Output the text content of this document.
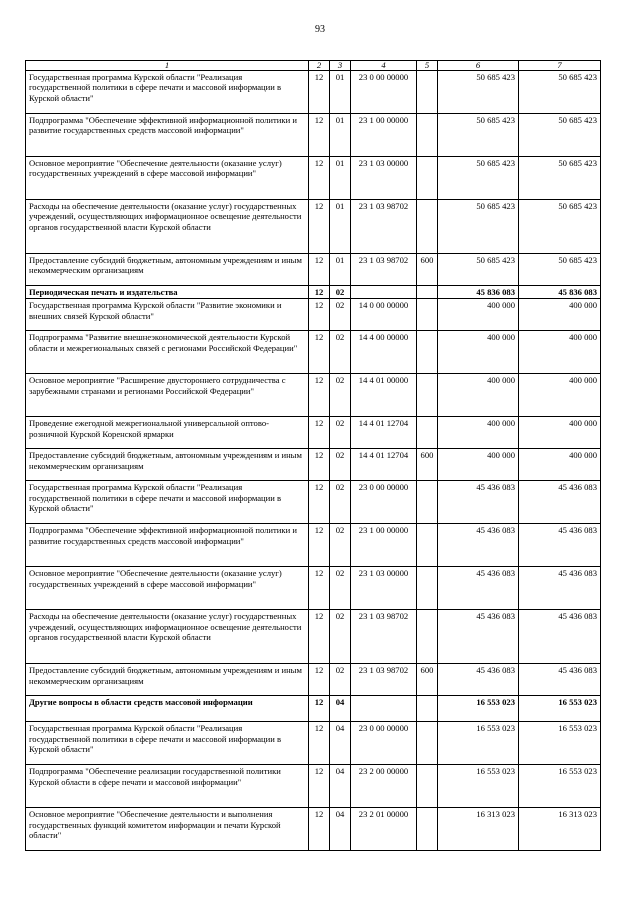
93
1	2	3	4	5	6	7
Государственная программа Курской области "Реализация государственной политики в сфере печати и массовой информации в Курской области"	12	01	23 0 00 00000		50 685 423	50 685 423
Подпрограмма "Обеспечение эффективной информационной политики и развитие государственных средств массовой информации"	12	01	23 1 00 00000		50 685 423	50 685 423
Основное мероприятие "Обеспечение деятельности (оказание услуг) государственных учреждений в сфере массовой информации"	12	01	23 1 03 00000		50 685 423	50 685 423
Расходы на обеспечение деятельности (оказание услуг) государственных учреждений, осуществляющих информационное освещение деятельности органов государственной власти Курской области	12	01	23 1 03 98702		50 685 423	50 685 423
Предоставление субсидий бюджетным, автономным учреждениям и иным некоммерческим организациям	12	01	23 1 03 98702	600	50 685 423	50 685 423
Периодическая печать и издательства	12	02			45 836 083	45 836 083
Государственная программа Курской области "Развитие экономики и внешних связей Курской области"	12	02	14 0 00 00000		400 000	400 000
Подпрограмма "Развитие внешнеэкономической деятельности Курской области и межрегиональных связей с регионами Российской Федерации"	12	02	14 4 00 00000		400 000	400 000
Основное мероприятие "Расширение двустороннего сотрудничества с зарубежными странами и регионами Российской Федерации"	12	02	14 4 01 00000		400 000	400 000
Проведение ежегодной межрегиональной универсальной оптово-розничной Курской Коренской ярмарки	12	02	14 4 01 12704		400 000	400 000
Предоставление субсидий бюджетным, автономным учреждениям и иным некоммерческим организациям	12	02	14 4 01 12704	600	400 000	400 000
Государственная программа Курской области "Реализация государственной политики в сфере печати и массовой информации в Курской области"	12	02	23 0 00 00000		45 436 083	45 436 083
Подпрограмма "Обеспечение эффективной информационной политики и развитие государственных средств массовой информации"	12	02	23 1 00 00000		45 436 083	45 436 083
Основное мероприятие "Обеспечение деятельности (оказание услуг) государственных учреждений в сфере массовой информации"	12	02	23 1 03 00000		45 436 083	45 436 083
Расходы на обеспечение деятельности (оказание услуг) государственных учреждений, осуществляющих информационное освещение деятельности органов государственной власти Курской области	12	02	23 1 03 98702		45 436 083	45 436 083
Предоставление субсидий бюджетным, автономным учреждениям и иным некоммерческим организациям	12	02	23 1 03 98702	600	45 436 083	45 436 083
Другие вопросы в области средств массовой информации	12	04			16 553 023	16 553 023
Государственная программа Курской области "Реализация государственной политики в сфере печати и массовой информации в Курской области"	12	04	23 0 00 00000		16 553 023	16 553 023
Подпрограмма "Обеспечение реализации государственной политики Курской области в сфере печати и массовой информации"	12	04	23 2 00 00000		16 553 023	16 553 023
Основное мероприятие "Обеспечение деятельности и выполнения государственных функций комитетом информации и печати Курской области"	12	04	23 2 01 00000		16 313 023	16 313 023
